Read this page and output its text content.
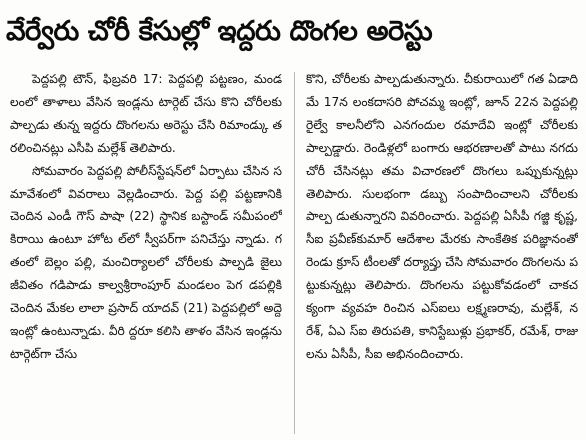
వేర్వేరు చోరీ కేసుల్లో ఇద్దరు దొంగల అరెస్టు

పెద్దపల్లి టౌన్, ఫిబ్రవరి 17: పెద్దపల్లి పట్టణం, మండలంలో తాళాలు వేసిన ఇండ్లను టార్గెట్ చేసు కొని చోరీలకు పాల్పడు తున్న ఇద్దరు దొంగలను అరెస్టు చేసి రిమాండ్కు తరలించినట్లు ఎసీపి మల్లేశ్ తెలిపారు.

సోమవారం పెద్దపల్లి పోలీస్‌స్టేషన్‌లో ఏర్పాటు చేసిన సమావేశంలో వివరాలు వెల్లడించారు. పెద్ద పల్లి పట్టణానికి చెందిన ఎండీ గౌస్ పాషా (22) స్థానిక బస్టాండ్ సమీపంలో కిరాయి ఉంటూ హోట ల్‌లో స్వీపర్‌గా పనిచేస్తు న్నాడు. గతంలో బెల్లం పల్లి, మంచిర్యాలలో చోరీలకు పాల్పడి జైలు జీవితం గడిపాడు కాల్వశ్రీరాంపూర్ మండలం పెగ డపల్లికి చెందిన మేకల లాలా ప్రసాద్ యాదవ్ (21) పెద్దపల్లిలో అద్దె ఇంట్లో ఉంటున్నాడు. వీరి ద్దరూ కలిసి తాళం వేసిన ఇండ్లను టార్గెట్‌గా చేసు

కొని, చోరీలకు పాల్పడుతున్నారు. చీకురాయిలో గత ఏడాది మే 17న లంకదాసరి పోచమ్మ ఇంట్లో, జూన్ 22న పెద్దపల్లి రైల్వే కాలనీలోని ఎనగందుల రమాదేవి ఇంట్లో చోరీలకు పాల్పడ్డారు. రెండిళ్లలో బంగారు ఆభరణాలతో పాటు నగదు చోరీ చేసినట్లు తమ విచారణలో దొంగలు ఒప్పుకున్నట్లు తెలిపారు. సులభంగా డబ్బు సంపాదించాలని చోరీలకు పాల్ప డుతున్నారని వివరించారు. పెద్దపల్లి ఏసీపీ గజ్జి కృష్ణ, సీఐ ప్రవీణ్‌కుమార్ ఆదేశాల మేరకు సాంకేతిక పరిజ్ఞానంతో రెండు క్రూస్ టీంలతో దర్యాప్తు చేసి సోమవారం దొంగలను పట్టుకున్నట్లు తెలిపారు. దొంగలను పట్టుకోవడంలో చాకచక్యంగా వ్యవహ రించిన ఎస్‌ఐలు లక్ష్మణరావు, మల్లేశ్, నరేశ్, ఏఎ స్ఐ తిరుపతి, కానిస్టేబుళ్లు ప్రభాకర్, రమేశ్, రాజు లను ఏసీపీ, సీఐ అభినందించారు.
